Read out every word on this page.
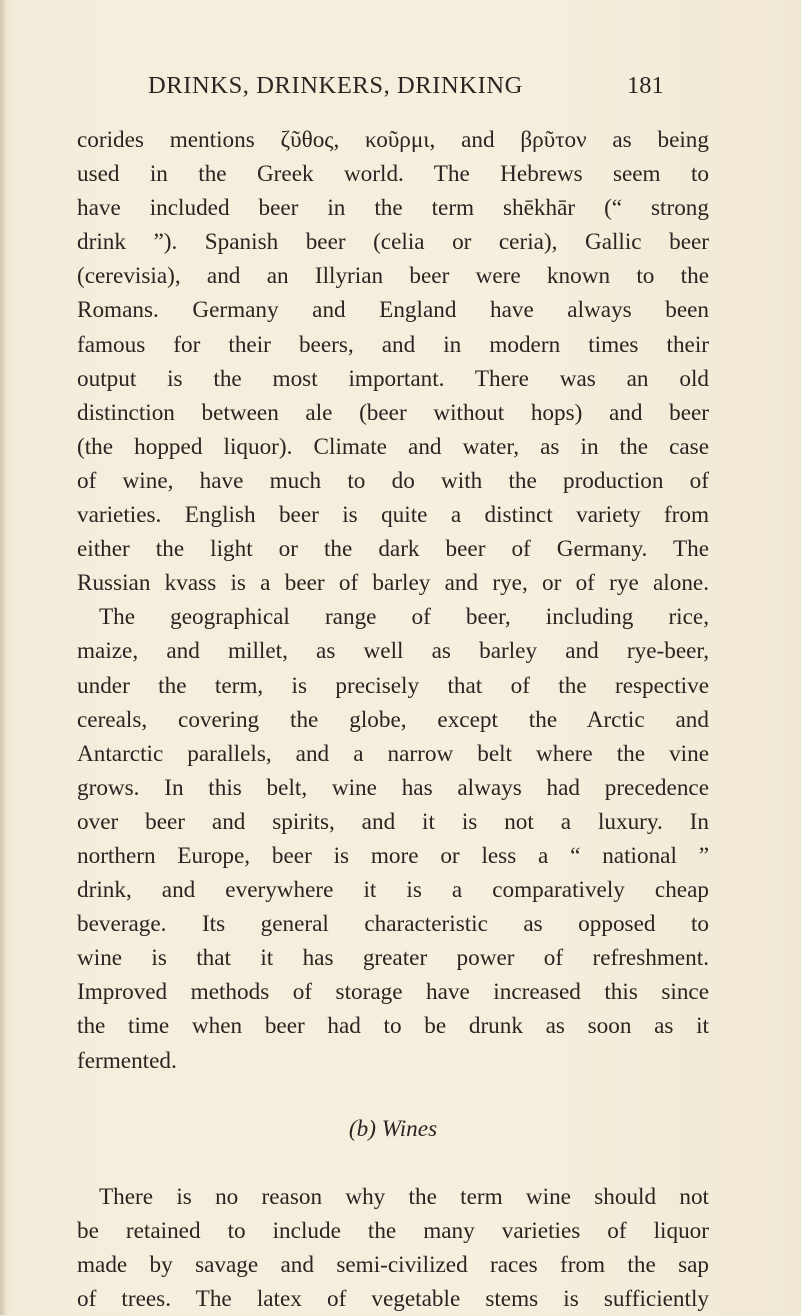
DRINKS, DRINKERS, DRINKING	181

corides mentions ζῦθος, κοῦρμι, and βρῦτον as being
used in the Greek world. The Hebrews seem to
have included beer in the term shēkhār (“ strong
drink ”). Spanish beer (celia or ceria), Gallic beer
(cerevisia), and an Illyrian beer were known to the
Romans. Germany and England have always been
famous for their beers, and in modern times their
output is the most important. There was an old
distinction between ale (beer without hops) and beer
(the hopped liquor). Climate and water, as in the case
of wine, have much to do with the production of
varieties. English beer is quite a distinct variety from
either the light or the dark beer of Germany. The
Russian kvass is a beer of barley and rye, or of rye alone.
The geographical range of beer, including rice,
maize, and millet, as well as barley and rye-beer,
under the term, is precisely that of the respective
cereals, covering the globe, except the Arctic and
Antarctic parallels, and a narrow belt where the vine
grows. In this belt, wine has always had precedence
over beer and spirits, and it is not a luxury. In
northern Europe, beer is more or less a “ national ”
drink, and everywhere it is a comparatively cheap
beverage. Its general characteristic as opposed to
wine is that it has greater power of refreshment.
Improved methods of storage have increased this since
the time when beer had to be drunk as soon as it
fermented.

(b) Wines

There is no reason why the term wine should not
be retained to include the many varieties of liquor
made by savage and semi-civilized races from the sap
of trees. The latex of vegetable stems is sufficiently
